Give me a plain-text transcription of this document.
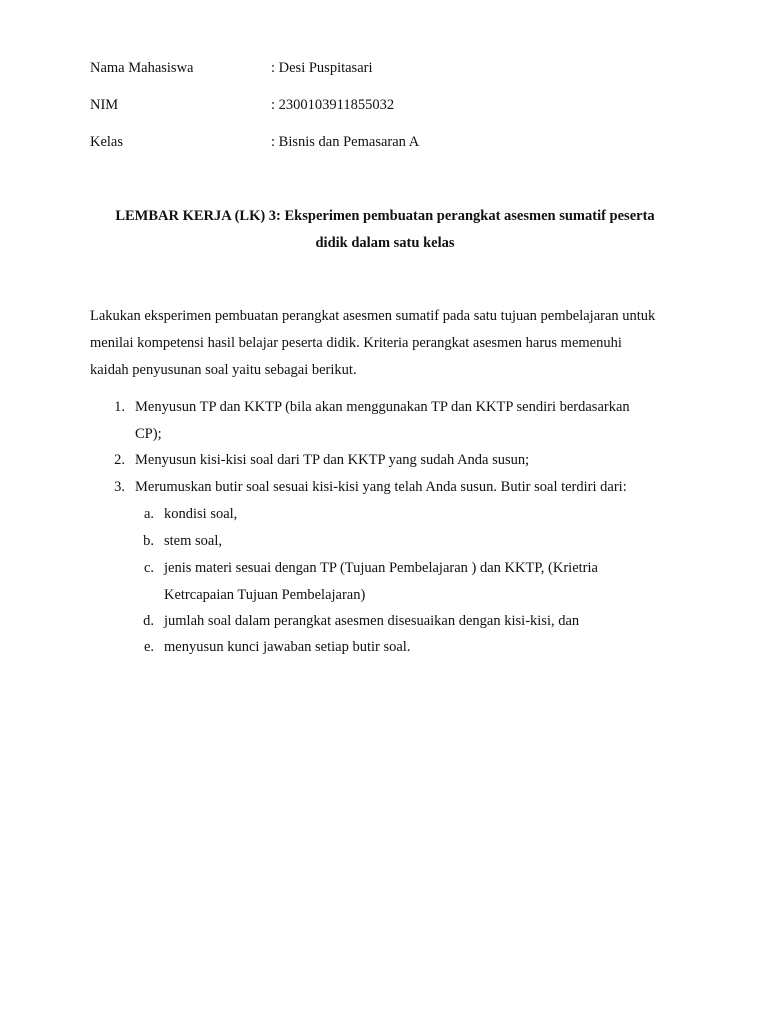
Nama Mahasiswa	: Desi Puspitasari
NIM	: 2300103911855032
Kelas	: Bisnis dan Pemasaran A
LEMBAR KERJA (LK) 3: Eksperimen pembuatan perangkat asesmen sumatif peserta
didik dalam satu kelas
Lakukan eksperimen pembuatan perangkat asesmen sumatif pada satu tujuan pembelajaran untuk
menilai kompetensi hasil belajar peserta didik. Kriteria perangkat asesmen harus memenuhi
kaidah penyusunan soal yaitu sebagai berikut.
1. Menyusun TP dan KKTP (bila akan menggunakan TP dan KKTP sendiri berdasarkan
CP);
2. Menyusun kisi-kisi soal dari TP dan KKTP yang sudah Anda susun;
3. Merumuskan butir soal sesuai kisi-kisi yang telah Anda susun. Butir soal terdiri dari:
a. kondisi soal,
b. stem soal,
c. jenis materi sesuai dengan TP (Tujuan Pembelajaran ) dan KKTP, (Krietria
Ketrcapaian Tujuan Pembelajaran)
d. jumlah soal dalam perangkat asesmen disesuaikan dengan kisi-kisi, dan
e. menyusun kunci jawaban setiap butir soal.
